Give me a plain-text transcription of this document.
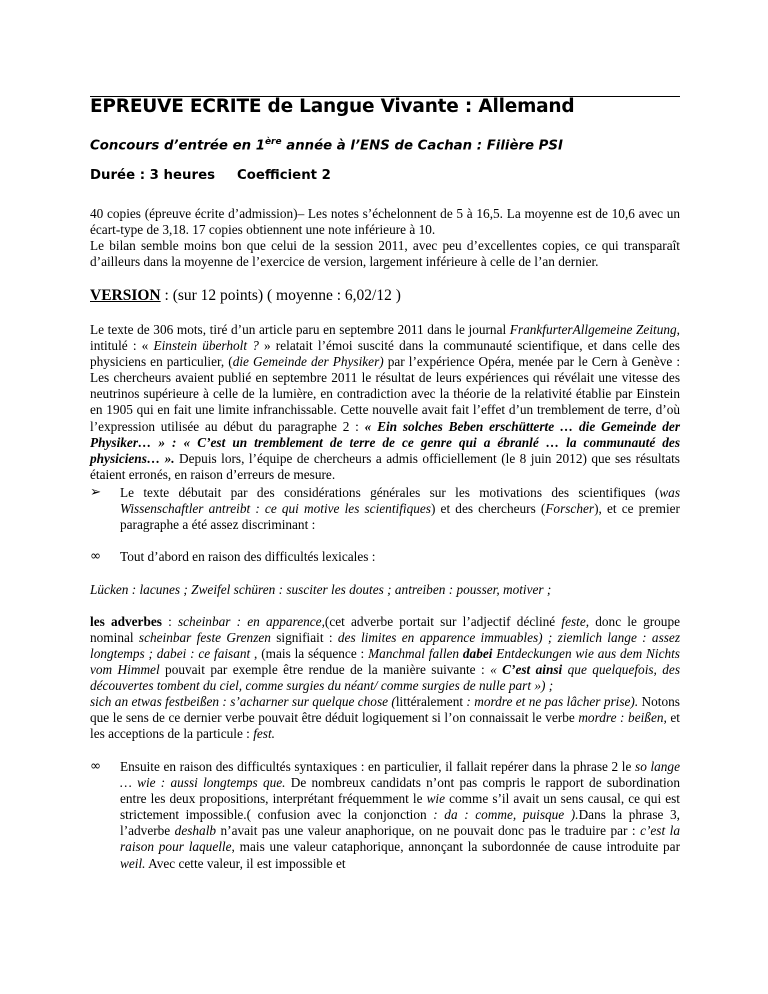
EPREUVE ECRITE de Langue Vivante : Allemand
Concours d’entrée en 1ère année à l’ENS de Cachan : Filière PSI
Durée : 3 heures Coefficient 2

40 copies (épreuve écrite d’admission)– Les notes s’échelonnent de 5 à 16,5. La moyenne est de 10,6 avec un écart-type de 3,18. 17 copies obtiennent une note inférieure à 10.

Le bilan semble moins bon que celui de la session 2011, avec peu d’excellentes copies, ce qui transparaît d’ailleurs dans la moyenne de l’exercice de version, largement inférieure à celle de l’an dernier.

VERSION : (sur 12 points) ( moyenne : 6,02/12 )

Le texte de 306 mots, tiré d’un article paru en septembre 2011 dans le journal FrankfurterAllgemeine Zeitung, intitulé : « Einstein überholt ? » relatait l’émoi suscité dans la communauté scientifique, et dans celle des physiciens en particulier, (die Gemeinde der Physiker) par l’expérience Opéra, menée par le Cern à Genève : Les chercheurs avaient publié en septembre 2011 le résultat de leurs expériences qui révélait une vitesse des neutrinos supérieure à celle de la lumière, en contradiction avec la théorie de la relativité établie par Einstein en 1905 qui en fait une limite infranchissable. Cette nouvelle avait fait l’effet d’un tremblement de terre, d’où l’expression utilisée au début du paragraphe 2 : « Ein solches Beben erschütterte … die Gemeinde der Physiker… » : « C’est un tremblement de terre de ce genre qui a ébranlé … la communauté des physiciens… ». Depuis lors, l’équipe de chercheurs a admis officiellement (le 8 juin 2012) que ses résultats étaient erronés, en raison d’erreurs de mesure.

➢	Le texte débutait par des considérations générales sur les motivations des scientifiques (was Wissenschaftler antreibt : ce qui motive les scientifiques) et des chercheurs (Forscher), et ce premier paragraphe a été assez discriminant :

∞	Tout d’abord en raison des difficultés lexicales :

Lücken : lacunes ; Zweifel schüren : susciter les doutes ; antreiben : pousser, motiver ;

les adverbes : scheinbar : en apparence,(cet adverbe portait sur l’adjectif décliné feste, donc le groupe nominal scheinbar feste Grenzen signifiait : des limites en apparence immuables) ; ziemlich lange : assez longtemps ; dabei : ce faisant , (mais la séquence : Manchmal fallen dabei Entdeckungen wie aus dem Nichts vom Himmel pouvait par exemple être rendue de la manière suivante : « C’est ainsi que quelquefois, des découvertes tombent du ciel, comme surgies du néant/ comme surgies de nulle part ») ;

sich an etwas festbeißen : s’acharner sur quelque chose (littéralement : mordre et ne pas lâcher prise). Notons que le sens de ce dernier verbe pouvait être déduit logiquement si l’on connaissait le verbe mordre : beißen, et les acceptions de la particule : fest.

∞	Ensuite en raison des difficultés syntaxiques : en particulier, il fallait repérer dans la phrase 2 le so lange … wie : aussi longtemps que. De nombreux candidats n’ont pas compris le rapport de subordination entre les deux propositions, interprétant fréquemment le wie comme s’il avait un sens causal, ce qui est strictement impossible.( confusion avec la conjonction : da : comme, puisque ).Dans la phrase 3, l’adverbe deshalb n’avait pas une valeur anaphorique, on ne pouvait donc pas le traduire par : c’est la raison pour laquelle, mais une valeur cataphorique, annonçant la subordonnée de cause introduite par weil. Avec cette valeur, il est impossible et
